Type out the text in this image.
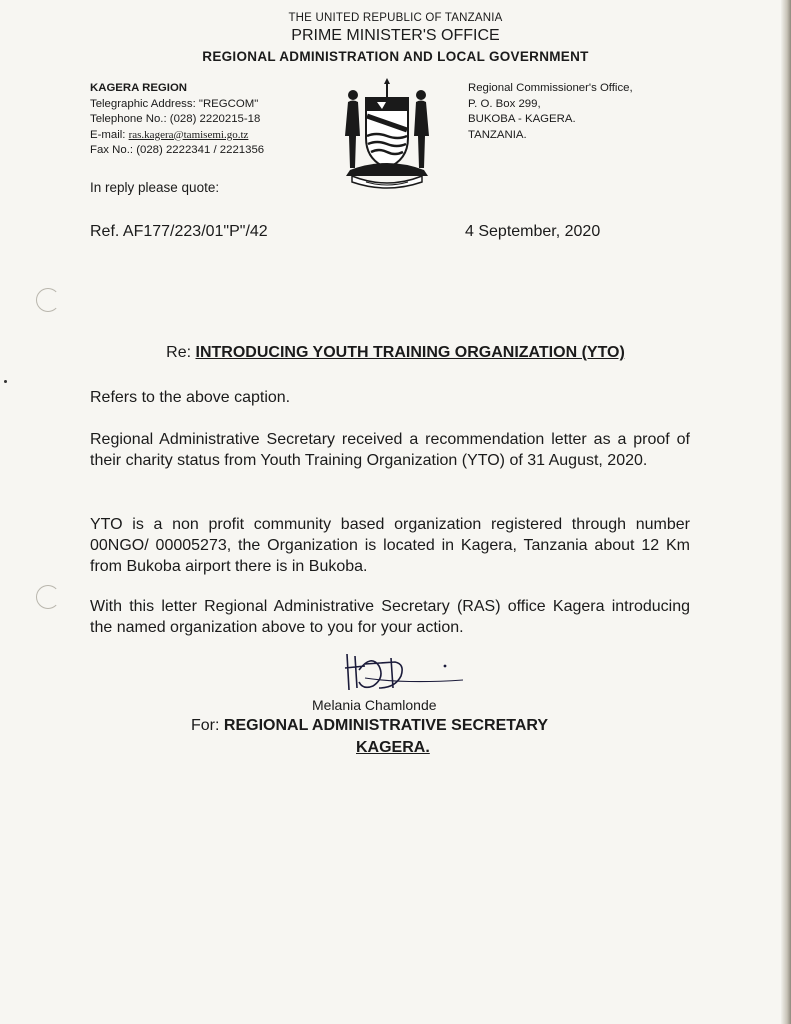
THE UNITED REPUBLIC OF TANZANIA
PRIME MINISTER'S OFFICE
REGIONAL ADMINISTRATION AND LOCAL GOVERNMENT
KAGERA REGION
Telegraphic Address: "REGCOM"
Telephone No.: (028) 2220215-18
E-mail: ras.kagera@tamisemi.go.tz
Fax No.: (028) 2222341 / 2221356
Regional Commissioner's Office,
P. O. Box 299,
BUKOBA - KAGERA.
TANZANIA.
In reply please quote:
Ref. AF177/223/01"P"/42	4 September, 2020
Re: INTRODUCING YOUTH TRAINING ORGANIZATION (YTO)
Refers to the above caption.
Regional Administrative Secretary received a recommendation letter as a proof of their charity status from Youth Training Organization (YTO) of 31 August, 2020.
YTO is a non profit community based organization registered through number 00NGO/ 00005273, the Organization is located in Kagera, Tanzania about 12 Km from Bukoba airport there is in Bukoba.
With this letter Regional Administrative Secretary (RAS) office Kagera introducing the named organization above to you for your action.
Melania Chamlonde
For: REGIONAL ADMINISTRATIVE SECRETARY
KAGERA.
